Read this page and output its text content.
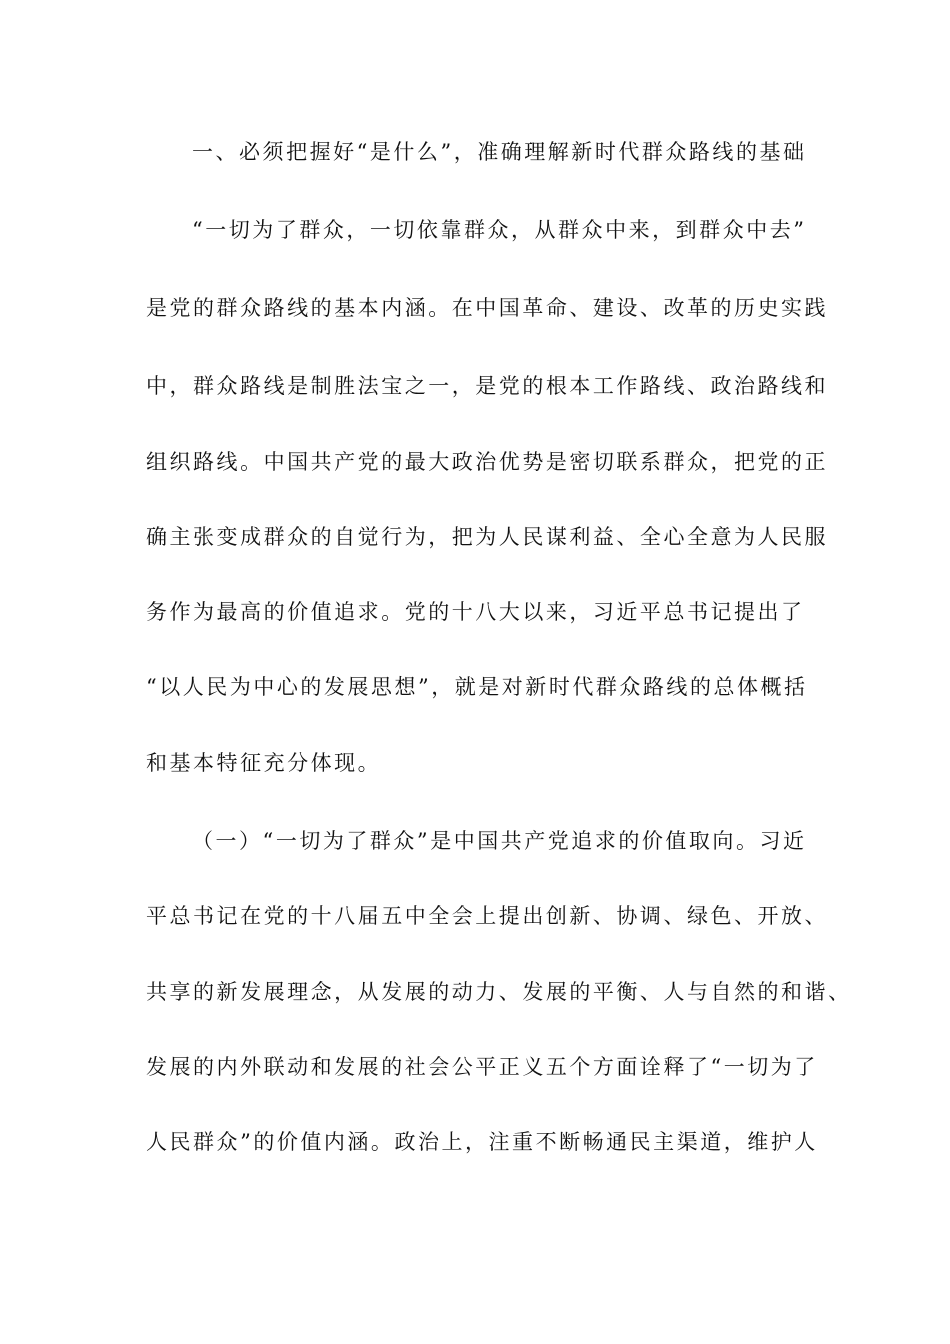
一、必须把握好“是什么”，准确理解新时代群众路线的基础
“一切为了群众，一切依靠群众，从群众中来，到群众中去”
是党的群众路线的基本内涵。在中国革命、建设、改革的历史实践
中，群众路线是制胜法宝之一，是党的根本工作路线、政治路线和
组织路线。中国共产党的最大政治优势是密切联系群众，把党的正
确主张变成群众的自觉行为，把为人民谋利益、全心全意为人民服
务作为最高的价值追求。党的十八大以来，习近平总书记提出了
“以人民为中心的发展思想”，就是对新时代群众路线的总体概括
和基本特征充分体现。
（一）“一切为了群众”是中国共产党追求的价值取向。习近
平总书记在党的十八届五中全会上提出创新、协调、绿色、开放、
共享的新发展理念，从发展的动力、发展的平衡、人与自然的和谐、
发展的内外联动和发展的社会公平正义五个方面诠释了“一切为了
人民群众”的价值内涵。政治上，注重不断畅通民主渠道，维护人
